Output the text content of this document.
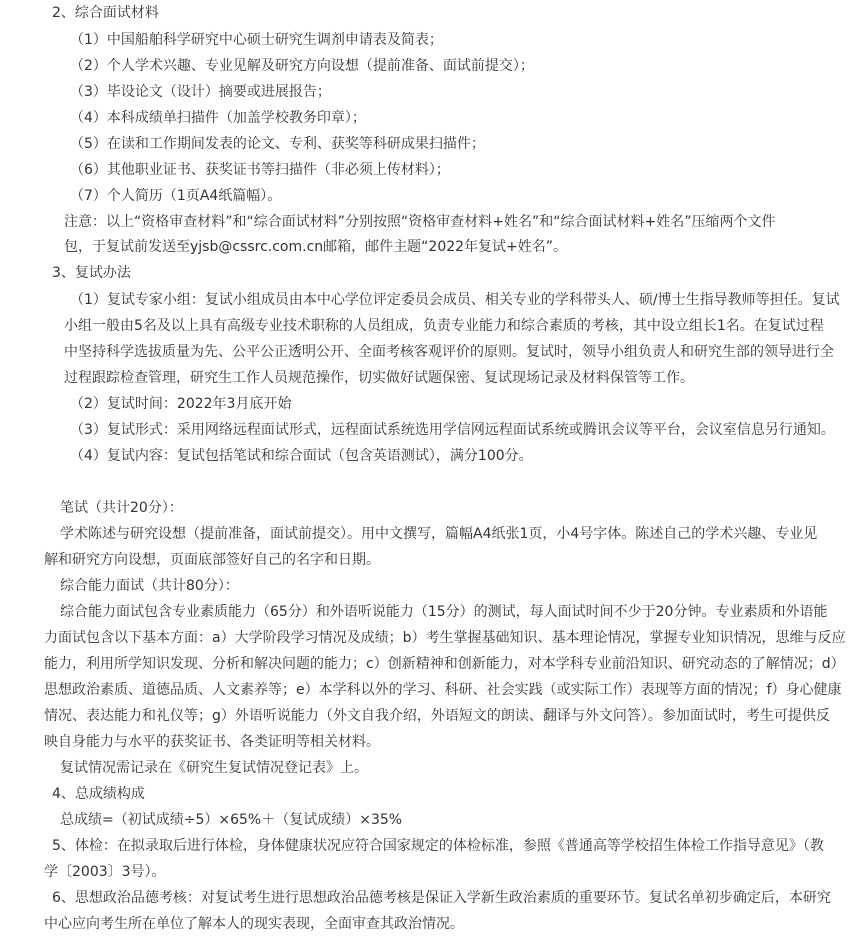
2、综合面试材料
（1）中国船舶科学研究中心硕士研究生调剂申请表及简表；
（2）个人学术兴趣、专业见解及研究方向设想（提前准备、面试前提交）；
（3）毕设论文（设计）摘要或进展报告；
（4）本科成绩单扫描件（加盖学校教务印章）；
（5）在读和工作期间发表的论文、专利、获奖等科研成果扫描件；
（6）其他职业证书、获奖证书等扫描件（非必须上传材料）；
（7）个人简历（1页A4纸篇幅）。
注意：以上“资格审查材料”和“综合面试材料”分别按照“资格审查材料+姓名”和“综合面试材料+姓名”压缩两个文件
包，于复试前发送至yjsb@cssrc.com.cn邮箱，邮件主题“2022年复试+姓名”。
3、复试办法
（1）复试专家小组：复试小组成员由本中心学位评定委员会成员、相关专业的学科带头人、硕/博士生指导教师等担任。复试
小组一般由5名及以上具有高级专业技术职称的人员组成，负责专业能力和综合素质的考核，其中设立组长1名。在复试过程
中坚持科学选拔质量为先、公平公正透明公开、全面考核客观评价的原则。复试时，领导小组负责人和研究生部的领导进行全
过程跟踪检查管理，研究生工作人员规范操作，切实做好试题保密、复试现场记录及材料保管等工作。
（2）复试时间：2022年3月底开始
（3）复试形式：采用网络远程面试形式，远程面试系统选用学信网远程面试系统或腾讯会议等平台，会议室信息另行通知。
（4）复试内容：复试包括笔试和综合面试（包含英语测试），满分100分。
笔试（共计20分）：
学术陈述与研究设想（提前准备，面试前提交）。用中文撰写，篇幅A4纸张1页，小4号字体。陈述自己的学术兴趣、专业见
解和研究方向设想，页面底部签好自己的名字和日期。
综合能力面试（共计80分）：
综合能力面试包含专业素质能力（65分）和外语听说能力（15分）的测试，每人面试时间不少于20分钟。专业素质和外语能
力面试包含以下基本方面：a）大学阶段学习情况及成绩；b）考生掌握基础知识、基本理论情况，掌握专业知识情况，思维与反应
能力，利用所学知识发现、分析和解决问题的能力；c）创新精神和创新能力，对本学科专业前沿知识、研究动态的了解情况；d）
思想政治素质、道德品质、人文素养等；e）本学科以外的学习、科研、社会实践（或实际工作）表现等方面的情况；f）身心健康
情况、表达能力和礼仪等；g）外语听说能力（外文自我介绍，外语短文的朗读、翻译与外文问答）。参加面试时，考生可提供反
映自身能力与水平的获奖证书、各类证明等相关材料。
复试情况需记录在《研究生复试情况登记表》上。
4、总成绩构成
总成绩=（初试成绩÷5）×65%＋（复试成绩）×35%
5、体检：在拟录取后进行体检，身体健康状况应符合国家规定的体检标准，参照《普通高等学校招生体检工作指导意见》（教
学〔2003〕3号）。
6、思想政治品德考核：对复试考生进行思想政治品德考核是保证入学新生政治素质的重要环节。复试名单初步确定后，本研究
中心应向考生所在单位了解本人的现实表现，全面审查其政治情况。
